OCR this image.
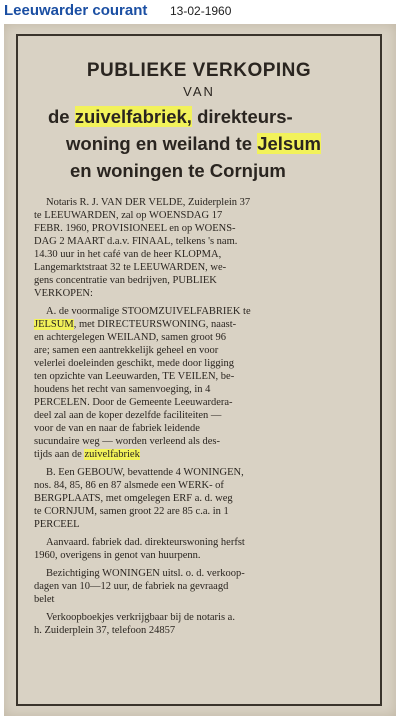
Leeuwarder courant 13-02-1960
PUBLIEKE VERKOPING
VAN
de zuivelfabriek, direkteurs-
woning en weiland te Jelsum
en woningen te Cornjum

Notaris R. J. VAN DER VELDE, Zuiderplein 37
te LEEUWARDEN, zal op WOENSDAG 17
FEBR. 1960, PROVISIONEEL en op WOENS-
DAG 2 MAART d.a.v. FINAAL, telkens 's nam.
14.30 uur in het café van de heer KLOPMA,
Langemarktstraat 32 te LEEUWARDEN, we-
gens concentratie van bedrijven, PUBLIEK
VERKOPEN:

A. de voormalige STOOMZUIVELFABRIEK te
JELSUM, met DIRECTEURSWONING, naast-
en achtergelegen WEILAND, samen groot 96
are; samen een aantrekkelijk geheel en voor
velerlei doeleinden geschikt, mede door ligging
ten opzichte van Leeuwarden, TE VEILEN, be-
houdens het recht van samenvoeging, in 4
PERCELEN. Door de Gemeente Leeuwardera-
deel zal aan de koper dezelfde faciliteiten —
voor de van en naar de fabriek leidende
sucundaire weg — worden verleend als des-
tijds aan de zuivelfabriek

B. Een GEBOUW, bevattende 4 WONINGEN,
nos. 84, 85, 86 en 87 alsmede een WERK- of
BERGPLAATS, met omgelegen ERF a. d. weg
te CORNJUM, samen groot 22 are 85 c.a. in 1
PERCEEL

Aanvaard. fabriek dad. direkteurswoning herfst
1960, overigens in genot van huurpenn.

Bezichtiging WONINGEN uitsl. o. d. verkoop-
dagen van 10—12 uur, de fabriek na gevraagd
belet

Verkoopboekjes verkrijgbaar bij de notaris a.
h. Zuiderplein 37, telefoon 24857
